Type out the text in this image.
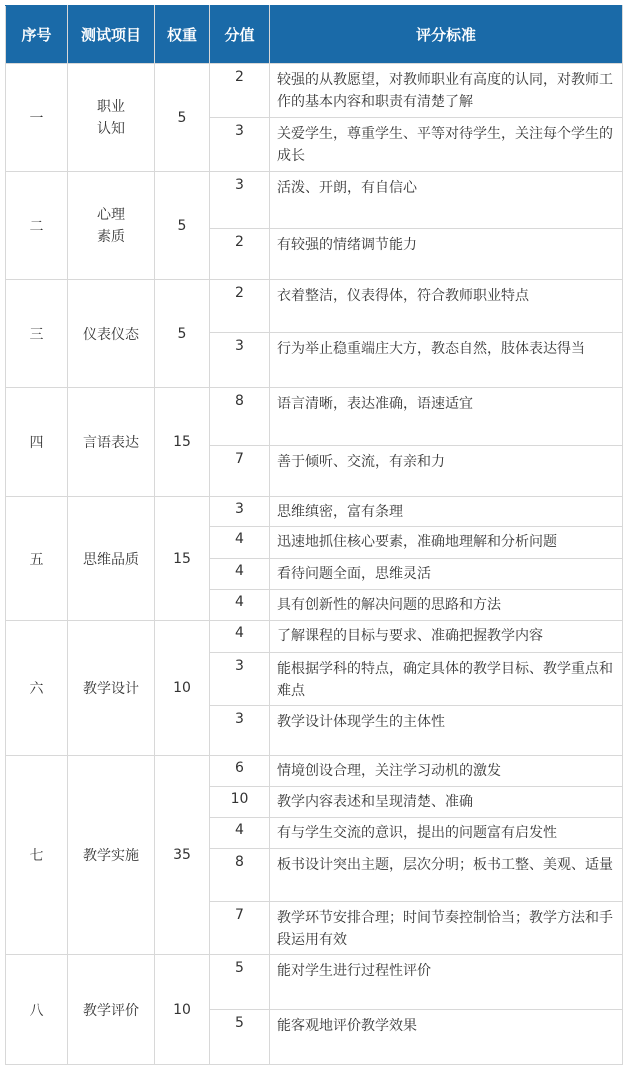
序号	测试项目	权重	分值	评分标准
一	职业认知	5	2	较强的从教愿望，对教师职业有高度的认同，对教师工作的基本内容和职责有清楚了解
			3	关爱学生，尊重学生、平等对待学生，关注每个学生的成长
二	心理素质	5	3	活泼、开朗，有自信心
			2	有较强的情绪调节能力
三	仪表仪态	5	2	衣着整洁，仪表得体，符合教师职业特点
			3	行为举止稳重端庄大方，教态自然，肢体表达得当
四	言语表达	15	8	语言清晰，表达准确，语速适宜
			7	善于倾听、交流，有亲和力
五	思维品质	15	3	思维缜密，富有条理
			4	迅速地抓住核心要素，准确地理解和分析问题
			4	看待问题全面，思维灵活
			4	具有创新性的解决问题的思路和方法
六	教学设计	10	4	了解课程的目标与要求、准确把握教学内容
			3	能根据学科的特点，确定具体的教学目标、教学重点和难点
			3	教学设计体现学生的主体性
七	教学实施	35	6	情境创设合理，关注学习动机的激发
			10	教学内容表述和呈现清楚、准确
			4	有与学生交流的意识，提出的问题富有启发性
			8	板书设计突出主题，层次分明；板书工整、美观、适量
			7	教学环节安排合理；时间节奏控制恰当；教学方法和手段运用有效
八	教学评价	10	5	能对学生进行过程性评价
			5	能客观地评价教学效果
